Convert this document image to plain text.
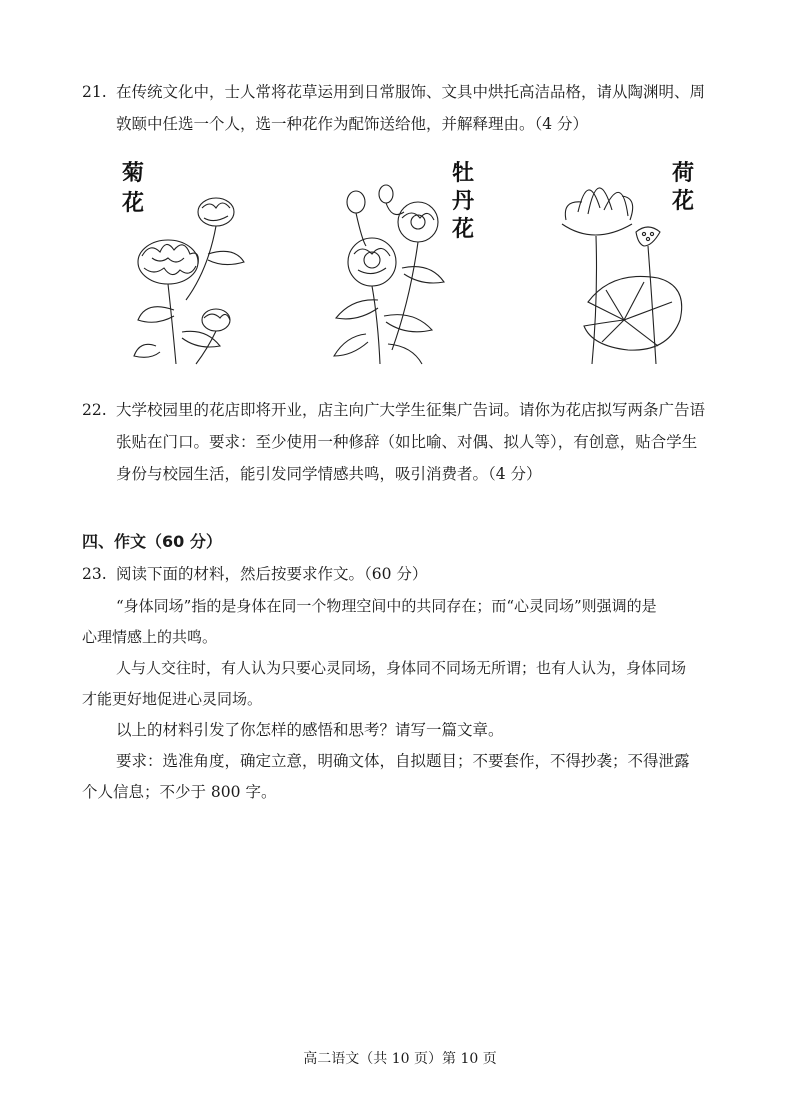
21. 在传统文化中，士人常将花草运用到日常服饰、文具中烘托高洁品格，请从陶渊明、周
敦颐中任选一个人，选一种花作为配饰送给他，并解释理由。（4 分）
菊
花
牡
丹
花
荷
花
22. 大学校园里的花店即将开业，店主向广大学生征集广告词。请你为花店拟写两条广告语
张贴在门口。要求：至少使用一种修辞（如比喻、对偶、拟人等），有创意，贴合学生
身份与校园生活，能引发同学情感共鸣，吸引消费者。（4 分）
四、作文（60 分）
23. 阅读下面的材料，然后按要求作文。（60 分）
“身体同场”指的是身体在同一个物理空间中的共同存在；而“心灵同场”则强调的是
心理情感上的共鸣。
人与人交往时，有人认为只要心灵同场，身体同不同场无所谓；也有人认为，身体同场
才能更好地促进心灵同场。
以上的材料引发了你怎样的感悟和思考？请写一篇文章。
要求：选准角度，确定立意，明确文体，自拟题目；不要套作，不得抄袭；不得泄露
个人信息；不少于 800 字。
高二语文（共 10 页）第 10 页
